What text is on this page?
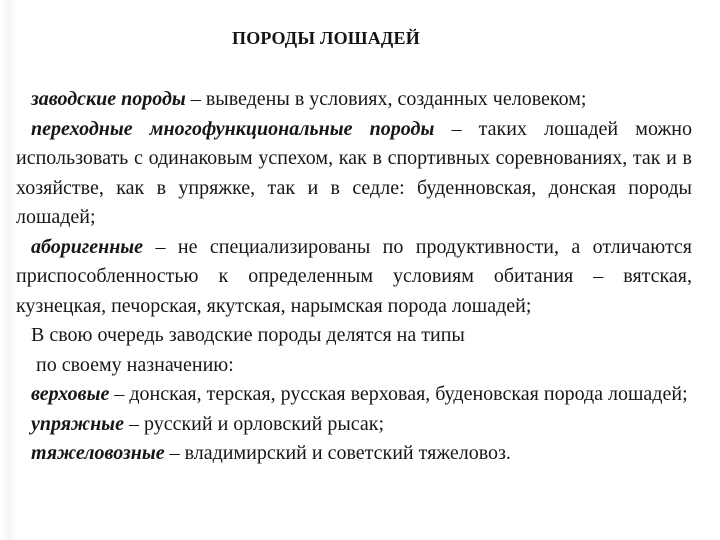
ПОРОДЫ ЛОШАДЕЙ

заводские породы – выведены в условиях, созданных человеком;

переходные многофункциональные породы – таких лошадей можно использовать с одинаковым успехом, как в спортивных соревнованиях, так и в хозяйстве, как в упряжке, так и в седле: буденновская, донская породы лошадей;

аборигенные – не специализированы по продуктивности, а отличаются приспособленностью к определенным условиям обитания – вятская, кузнецкая, печорская, якутская, нарымская порода лошадей;

В свою очередь заводские породы делятся на типы

по своему назначению:

верховые – донская, терская, русская верховая, буденовская порода лошадей;

упряжные – русский и орловский рысак;

тяжеловозные – владимирский и советский тяжеловоз.
